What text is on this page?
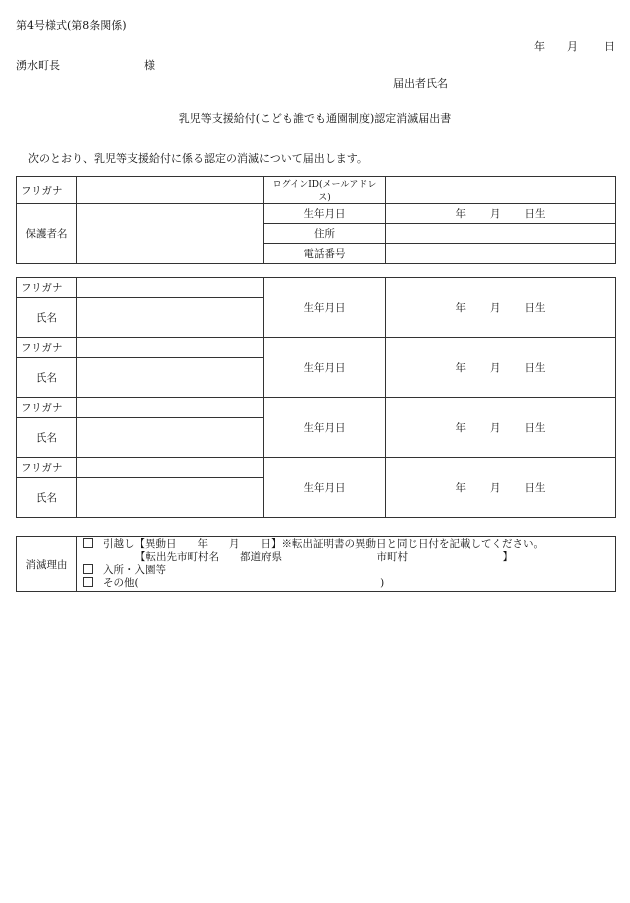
第4号様式(第8条関係)
年 月 日
湧水町長	様
届出者氏名
乳児等支援給付(こども誰でも通園制度)認定消滅届出書
次のとおり、乳児等支援給付に係る認定の消滅について届出します。
フリガナ		ログインID(メールアドレス)	
保護者名		生年月日	年 月 日生
		住所	
		電話番号	
フリガナ		生年月日	年 月 日生
氏名			
フリガナ		生年月日	年 月 日生
氏名			
フリガナ		生年月日	年 月 日生
氏名			
フリガナ		生年月日	年 月 日生
氏名			
消滅理由	
引越し【異動日　　年　　月　　日】※転出証明書の異動日と同じ日付を記載してください。
【転出先市町村名　　都道府県　　　　　　　　　市町村　　　　　　　　　】
入所・入園等
その他(　　　　　　　　　　　　　　　　　　　　　　　)
